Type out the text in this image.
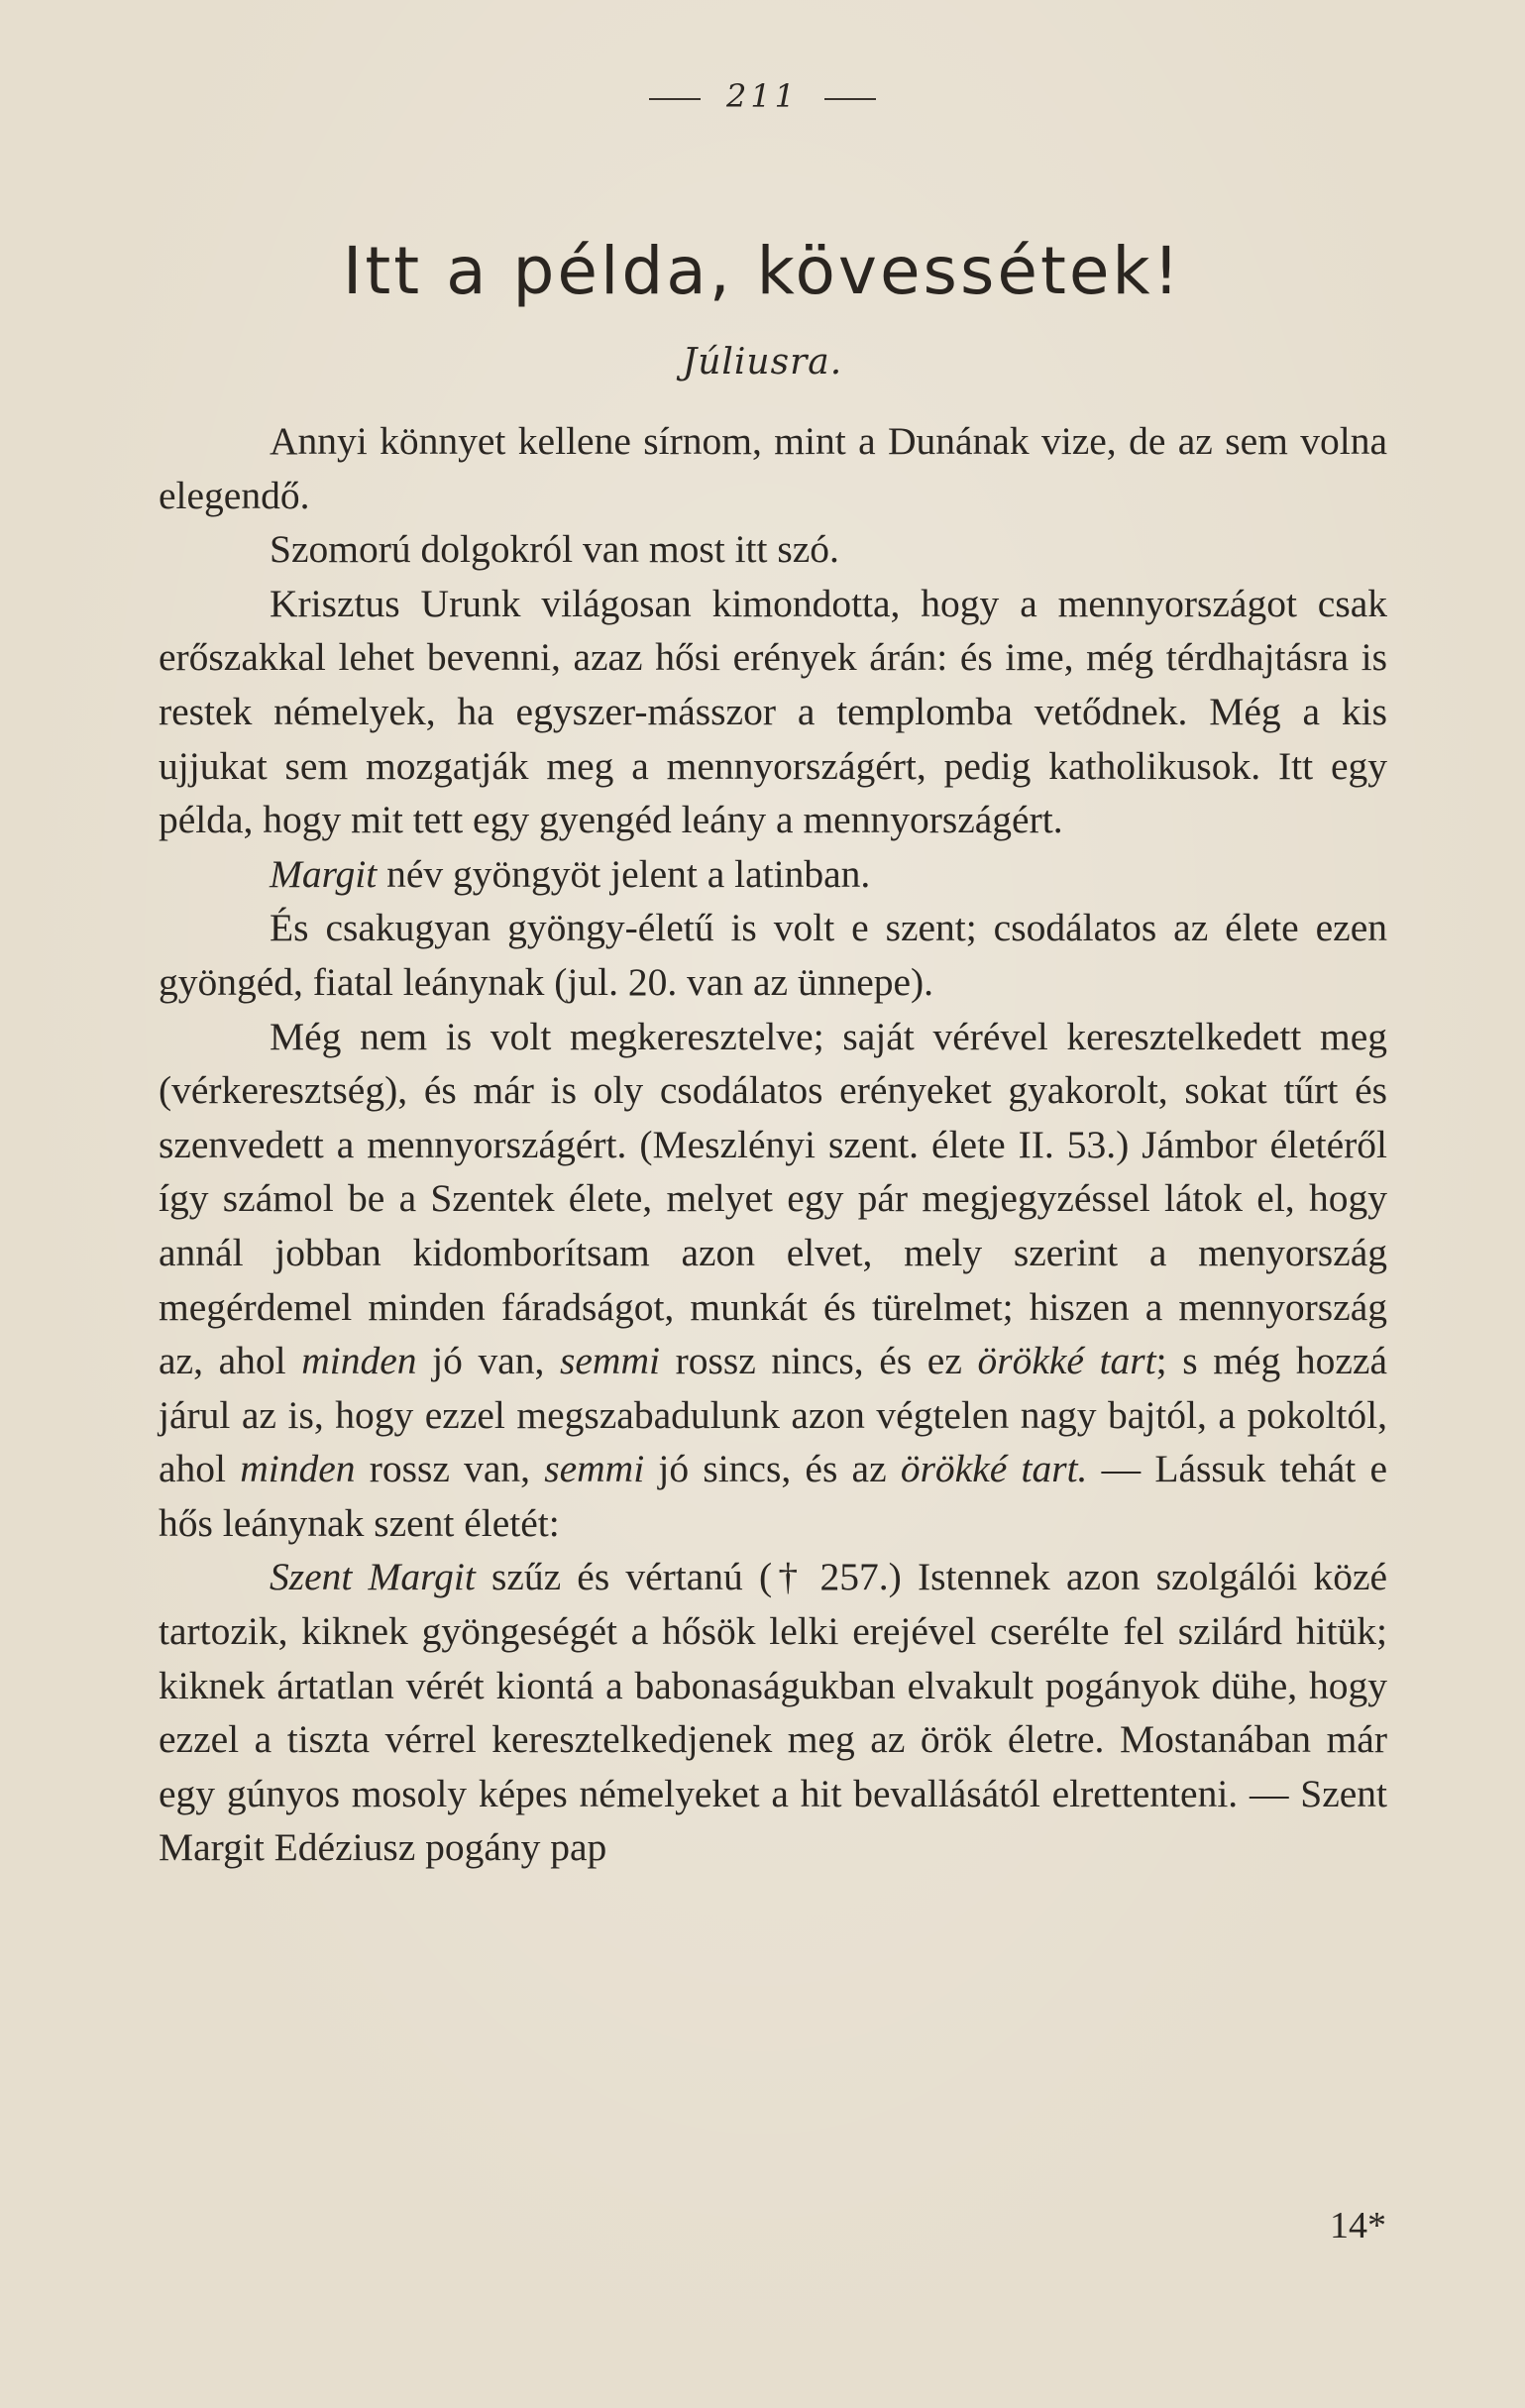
211
Itt a példa, kövessétek!
Júliusra.

Annyi könnyet kellene sírnom, mint a Dunának vize, de az sem volna elegendő.

Szomorú dolgokról van most itt szó.

Krisztus Urunk világosan kimondotta, hogy a mennyországot csak erőszakkal lehet bevenni, azaz hősi erények árán: és ime, még térdhajtásra is restek némelyek, ha egyszer-másszor a templomba vetődnek. Még a kis ujjukat sem mozgatják meg a mennyországért, pedig katholikusok. Itt egy példa, hogy mit tett egy gyengéd leány a mennyországért.

Margit név gyöngyöt jelent a latinban.

És csakugyan gyöngy-életű is volt e szent; csodálatos az élete ezen gyöngéd, fiatal leánynak (jul. 20. van az ünnepe).

Még nem is volt megkeresztelve; saját vérével keresztelkedett meg (vérkeresztség), és már is oly csodálatos erényeket gyakorolt, sokat tűrt és szenvedett a mennyországért. (Meszlényi szent. élete II. 53.) Jámbor életéről így számol be a Szentek élete, melyet egy pár megjegyzéssel látok el, hogy annál jobban kidomborítsam azon elvet, mely szerint a menyország megérdemel minden fáradságot, munkát és türelmet; hiszen a mennyország az, ahol minden jó van, semmi rossz nincs, és ez örökké tart; s még hozzá járul az is, hogy ezzel megszabadulunk azon végtelen nagy bajtól, a pokoltól, ahol minden rossz van, semmi jó sincs, és az örökké tart. — Lássuk tehát e hős leánynak szent életét:

Szent Margit szűz és vértanú († 257.) Istennek azon szolgálói közé tartozik, kiknek gyöngeségét a hősök lelki erejével cserélte fel szilárd hitük; kiknek ártatlan vérét kiontá a babonaságukban elvakult pogányok dühe, hogy ezzel a tiszta vérrel keresztelkedjenek meg az örök életre. Mostanában már egy gúnyos mosoly képes némelyeket a hit bevallásától elrettenteni. — Szent Margit Edéziusz pogány pap

14*
